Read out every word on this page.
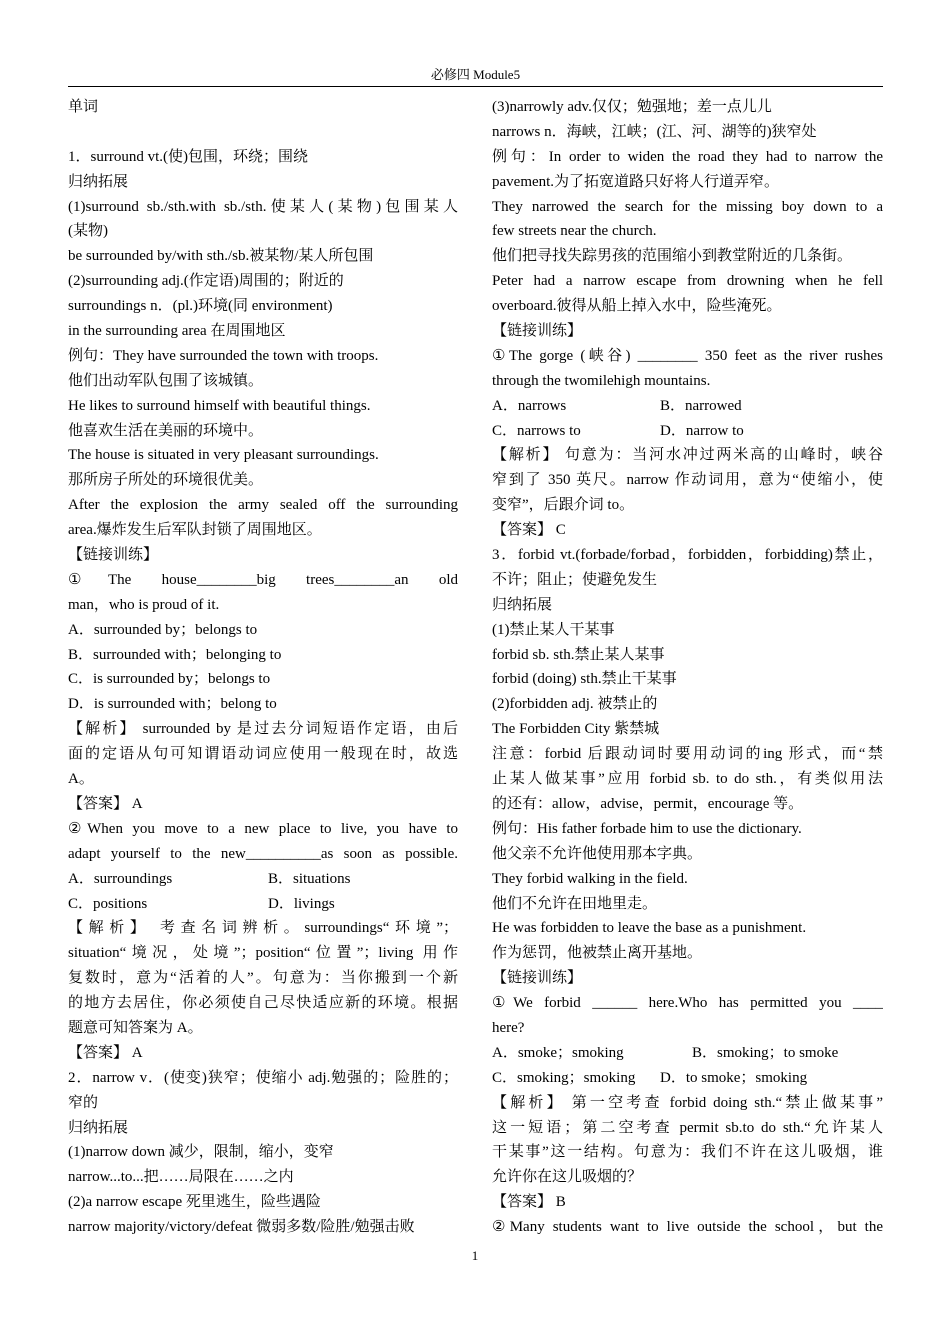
必修四 Module5
单词

1．surround vt.(使)包围，环绕；围绕
归纳拓展
(1)surround sb./sth.with sb./sth.使某人(某物)包围某人
(某物)
be surrounded by/with sth./sb.被某物/某人所包围
(2)surrounding adj.(作定语)周围的；附近的
surroundings n．(pl.)环境(同 environment)
in the surrounding area 在周围地区
例句：They have surrounded the town with troops.
他们出动军队包围了该城镇。
He likes to surround himself with beautiful things.
他喜欢生活在美丽的环境中。
The house is situated in very pleasant surroundings.
那所房子所处的环境很优美。
After the explosion the army sealed off the surrounding
area.爆炸发生后军队封锁了周围地区。
【链接训练】
①The house________big trees________an old
man，who is proud of it.
A．surrounded by；belongs to
B．surrounded with；belonging to
C．is surrounded by；belongs to
D．is surrounded with；belong to
【解析】 surrounded by 是过去分词短语作定语，由后
面的定语从句可知谓语动词应使用一般现在时，故选
A。
【答案】 A
②When you move to a new place to live, you have to
adapt yourself to the new__________as soon as possible.
A．surroundings	B．situations
C．positions	D．livings
【解析】 考查名词辨析。surroundings“环境”；
situation“境况，处境”；position“位置”；living 用作
复数时，意为“活着的人”。句意为：当你搬到一个新
的地方去居住，你必须使自己尽快适应新的环境。根据
题意可知答案为 A。
【答案】 A
2．narrow v．(使变)狭窄；使缩小 adj.勉强的；险胜的；
窄的
归纳拓展
(1)narrow down 减少，限制，缩小，变窄
narrow...to...把……局限在……之内
(2)a narrow escape 死里逃生，险些遇险
narrow majority/victory/defeat 微弱多数/险胜/勉强击败
(3)narrowly adv.仅仅；勉强地；差一点儿儿
narrows n．海峡，江峡；(江、河、湖等的)狭窄处
例句：In order to widen the road they had to narrow the
pavement.为了拓宽道路只好将人行道弄窄。
They narrowed the search for the missing boy down to a
few streets near the church.
他们把寻找失踪男孩的范围缩小到教堂附近的几条街。
Peter had a narrow escape from drowning when he fell
overboard.彼得从船上掉入水中，险些淹死。
【链接训练】
①The gorge (峡谷) ________ 350 feet as the river rushes
through the twomilehigh mountains.
A．narrows	B．narrowed
C．narrows to	D．narrow to
【解析】 句意为：当河水冲过两米高的山峰时，峡谷
窄到了 350 英尺。narrow 作动词用，意为“使缩小，使
变窄”，后跟介词 to。
【答案】 C
3．forbid vt.(forbade/forbad，forbidden，forbidding)禁止，
不许；阻止；使避免发生
归纳拓展
(1)禁止某人干某事
forbid sb. sth.禁止某人某事
forbid (doing) sth.禁止干某事
(2)forbidden adj. 被禁止的
The Forbidden City 紫禁城
注意：forbid 后跟动词时要用动词的ing 形式，而“禁
止某人做某事”应用 forbid sb. to do sth.，有类似用法
的还有：allow，advise，permit，encourage 等。
例句：His father forbade him to use the dictionary.
他父亲不允许他使用那本字典。
They forbid walking in the field.
他们不允许在田地里走。
He was forbidden to leave the base as a punishment.
作为惩罚，他被禁止离开基地。
【链接训练】
①We forbid ______ here.Who has permitted you ____
here?
A．smoke；smoking	B．smoking；to smoke
C．smoking；smoking	D．to smoke；smoking
【解析】 第一空考查 forbid doing sth.“禁止做某事”
这一短语；第二空考查 permit sb.to do sth.“允许某人
干某事”这一结构。句意为：我们不许在这儿吸烟，谁
允许你在这儿吸烟的？
【答案】 B
②Many students want to live outside the school，but the
1
